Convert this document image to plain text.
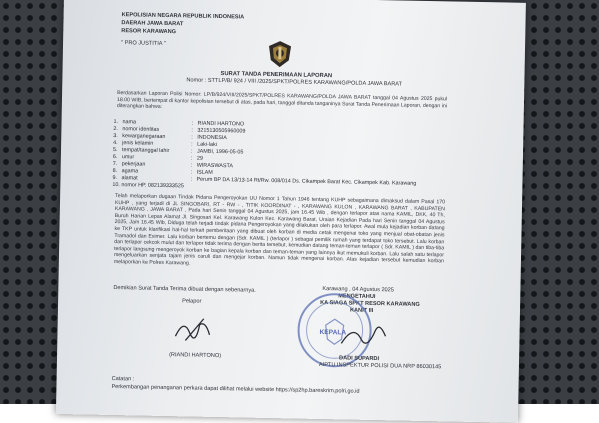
KEPOLISIAN NEGARA REPUBLIK INDONESIA
DAERAH JAWA BARAT
RESOR KARAWANG
" PRO JUSTITIA "
SURAT TANDA PENERIMAAN LAPORAN
Nomor : STTLP/B/ 924 / VIII /2025/SPKT/POLRES KARAWANG/POLDA JAWA BARAT
Berdasarkan Laporan Polisi Nomor: LP/B/924/VIII/2025/SPKT/POLRES KARAWANG/POLDA JAWA BARAT tanggal 04 Agustus 2025 pukul 18.00 WIB, bertempat di kantor kepolisian tersebut di atas, pada hari, tanggal ditanda tanganinya Surat Tanda Penerimaan Laporan, dengan ini diterangkan bahwa:
1. nama	: RIANDI HARTONO
2. nomor identitas	: 3215130505960009
3. kewarganegaraan	: INDONESIA
4. jenis kelamin	: Laki-laki
5. tempat/tanggal lahir	: JAMBI, 1996-05-05
6. umur	: 29
7. pekerjaan	: WIRASWASTA
8. agama	: ISLAM
9. alamat	: Perum BP DA 13/13-14 Rt/Rw. 008/014 Ds. Cikampek Barat Kec. Cikampek Kab. Karawang
10. nomor HP. 082139333525
Telah melaporkan dugaan Tindak Pidana Pengeroyokan UU Nomor 1 Tahun 1946 tentang KUHP sebagaimana dimaksud dalam Pasal 170 KUHP , yang terjadi di JL SINGOBARI, RT - RW - , TITIK KOORDINAT - , KARAWANG KULON , KARAWANG BARAT , KABUPATEN KARAWANG , JAWA BARAT , Pada hari Senin tanggal 04 Agustus 2025, jam 16.45 Wib , dengan terlapor atas nama KAMIL, DKK, 40 Th, Buruh Harian Lepas Alamat Jl. Singosari Kel. Karawang Kulon Kec. Karawang Barat, Uraian Kejadian Pada hari Senin tanggal 04 Agustus 2025, Jam 16.45 Wib, Diduga telah terjadi tindak pidana Pengeroyokan yang dilakukan oleh para terlapor. Awal mula kejadian korban datang ke TKP untuk klarifikasi hal-hal terkait pemberitaan yang dibuat oleh korban di media cetak mengenai toko yang menjual obat-obatan jenis Tramadol dan Eximer. Lalu korban bertemu dengan (Sdr. KAMIL ) (terlapor ) sebagai pemilik rumah yang terdapat toko tersebut. Lalu korban dan terlapor cekcok mulut dan terlapor tidak terima dengan berita tersebut, kemudian datang teman-teman terlapor ( Sdr. KAMIL ) dan tiba-tiba terlapor langsung mengeroyok korban ke bagian kepala korban dan teman-teman yang lainnya ikut memukuli korban. Lalu salah satu terlapor mengeluarkan senjata tajam jenis caruli dan mengejar korban. Namun tidak mengenai korban. Atas kejadian tersebut kemudian korban melaporkan ke Polres Karawang.
Demikian Surat Tanda Terima dibuat dengan sebenarnya.
Pelapor
(RIANDI HARTONO)
Karawang , 04 Agustus 2025
MENGETAHUI
KA SIAGA SPKT RESOR KARAWANG
KANIT III
KEPALA
DADI SUPARDI
AIPTU INSPEKTUR POLISI DUA NRP 86030145
Catatan :
Perkembangan penanganan perkara dapat dilihat melalui website https://sp2hp.bareskrim.polri.go.id
